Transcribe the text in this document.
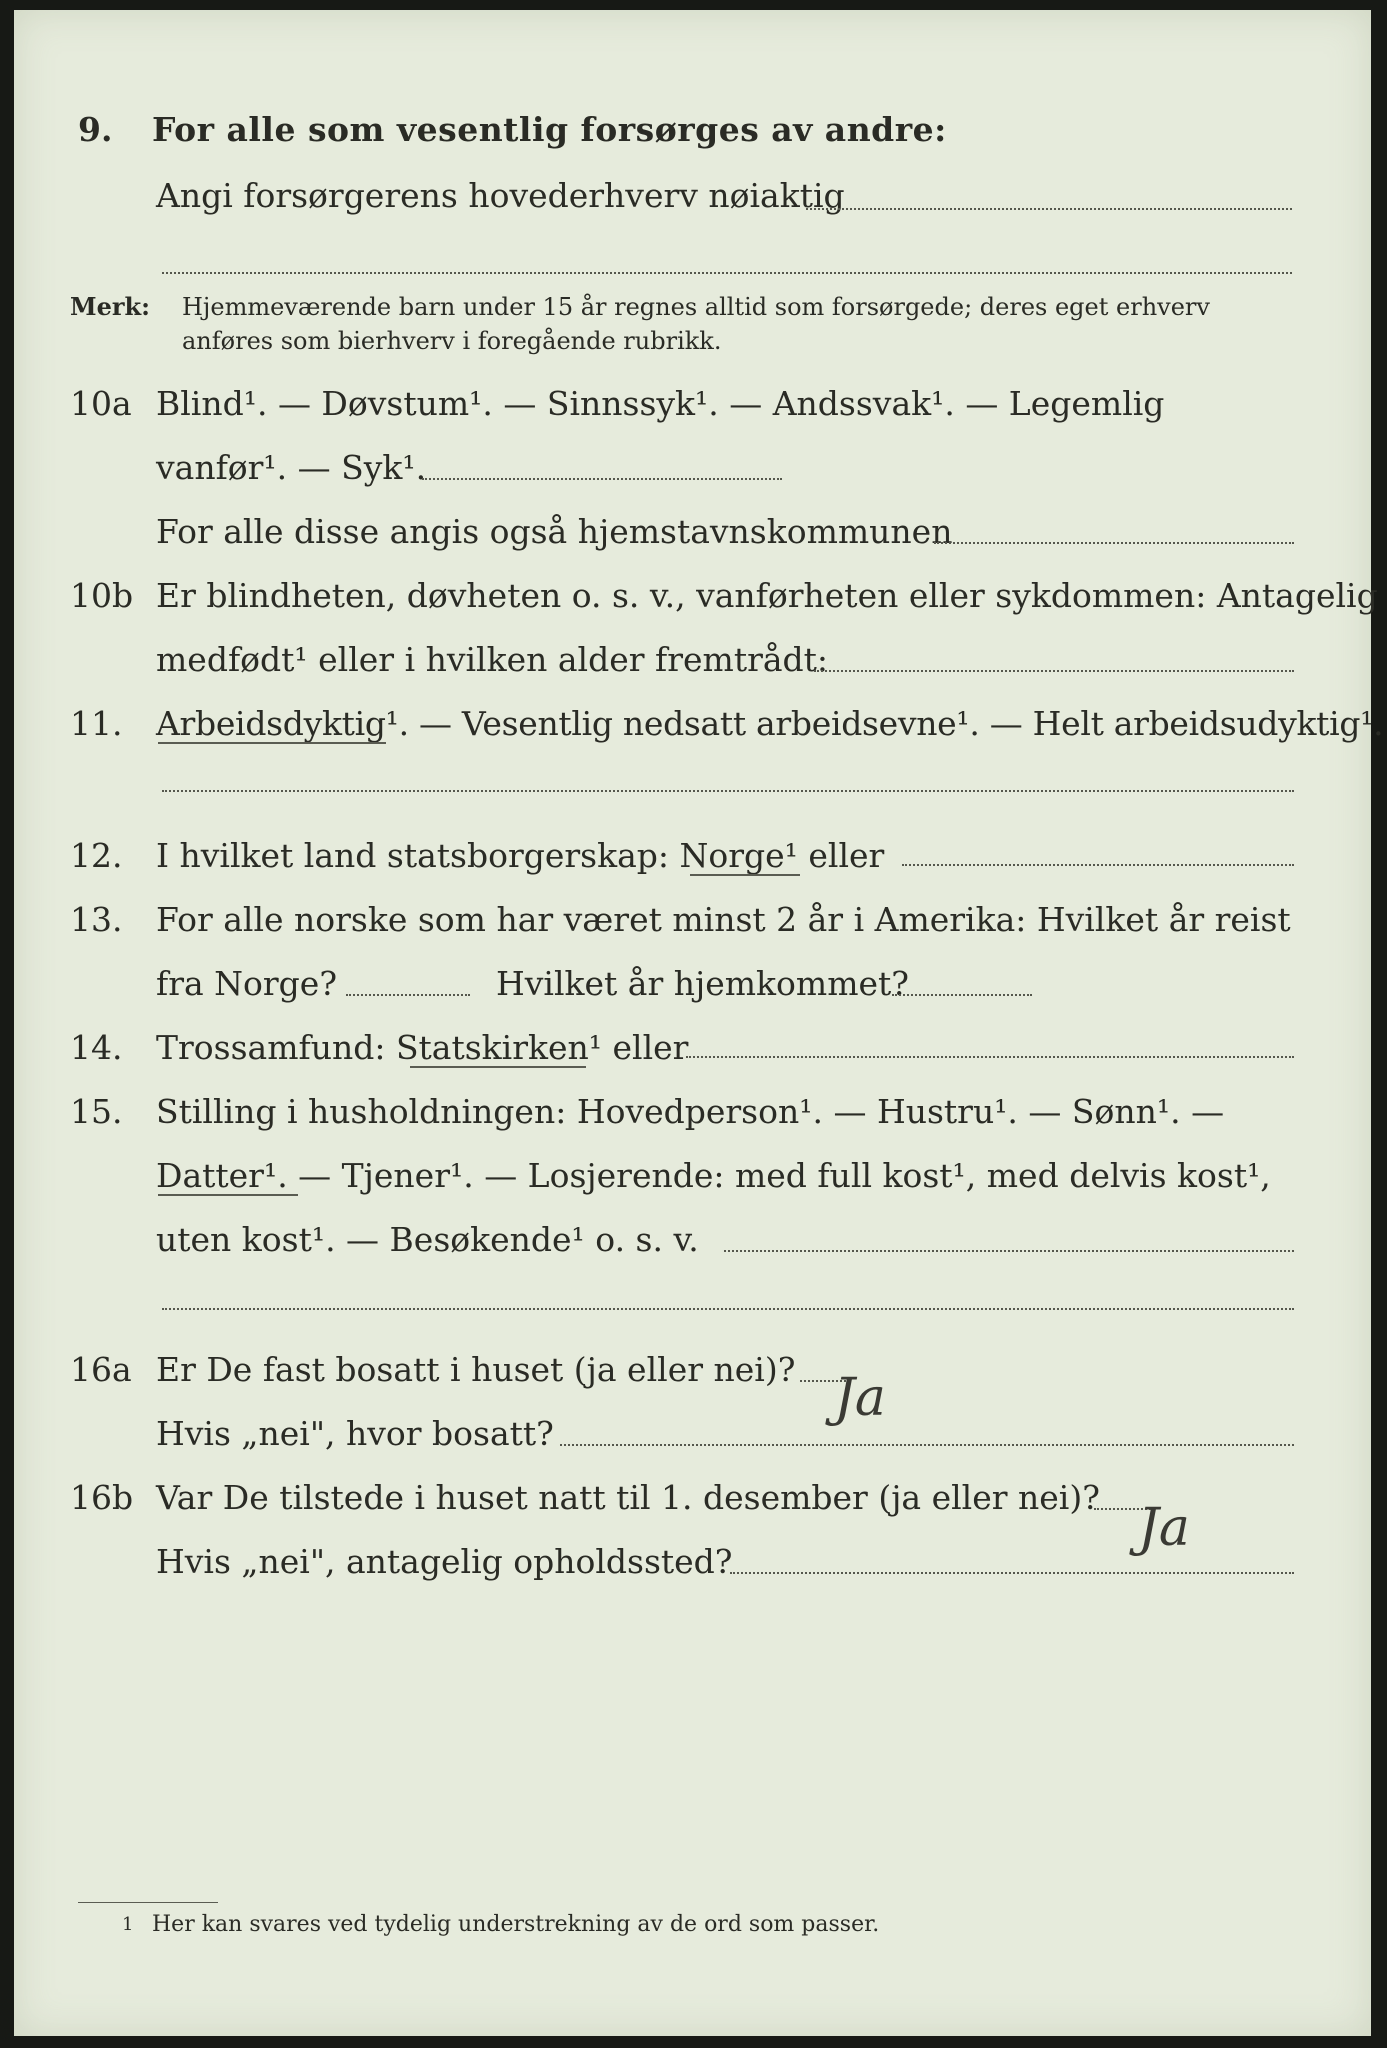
9. For alle som vesentlig forsørges av andre:

Angi forsørgerens hovederhverv nøiaktig

Merk: Hjemmeværende barn under 15 år regnes alltid som forsørgede; deres eget erhverv

anføres som bierhverv i foregående rubrikk.

10a Blind¹. — Døvstum¹. — Sinnssyk¹. — Andssvak¹. — Legemlig

vanfør¹. — Syk¹.

For alle disse angis også hjemstavnskommunen

10b Er blindheten, døvheten o. s. v., vanførheten eller sykdommen: Antagelig

medfødt¹ eller i hvilken alder fremtrådt:

11. Arbeidsdyktig¹. — Vesentlig nedsatt arbeidsevne¹. — Helt arbeidsudyktig¹.

12. I hvilket land statsborgerskap: Norge¹ eller

13. For alle norske som har været minst 2 år i Amerika: Hvilket år reist

fra Norge?	Hvilket år hjemkommet?

14. Trossamfund: Statskirken¹ eller

15. Stilling i husholdningen: Hovedperson¹. — Hustru¹. — Sønn¹. —

Datter¹. — Tjener¹. — Losjerende: med full kost¹, med delvis kost¹,

uten kost¹. — Besøkende¹ o. s. v.

16a Er De fast bosatt i huset (ja eller nei)? Ja

Hvis „nei", hvor bosatt?

16b Var De tilstede i huset natt til 1. desember (ja eller nei)?

Ja

Hvis „nei", antagelig opholdssted?

1 Her kan svares ved tydelig understrekning av de ord som passer.
